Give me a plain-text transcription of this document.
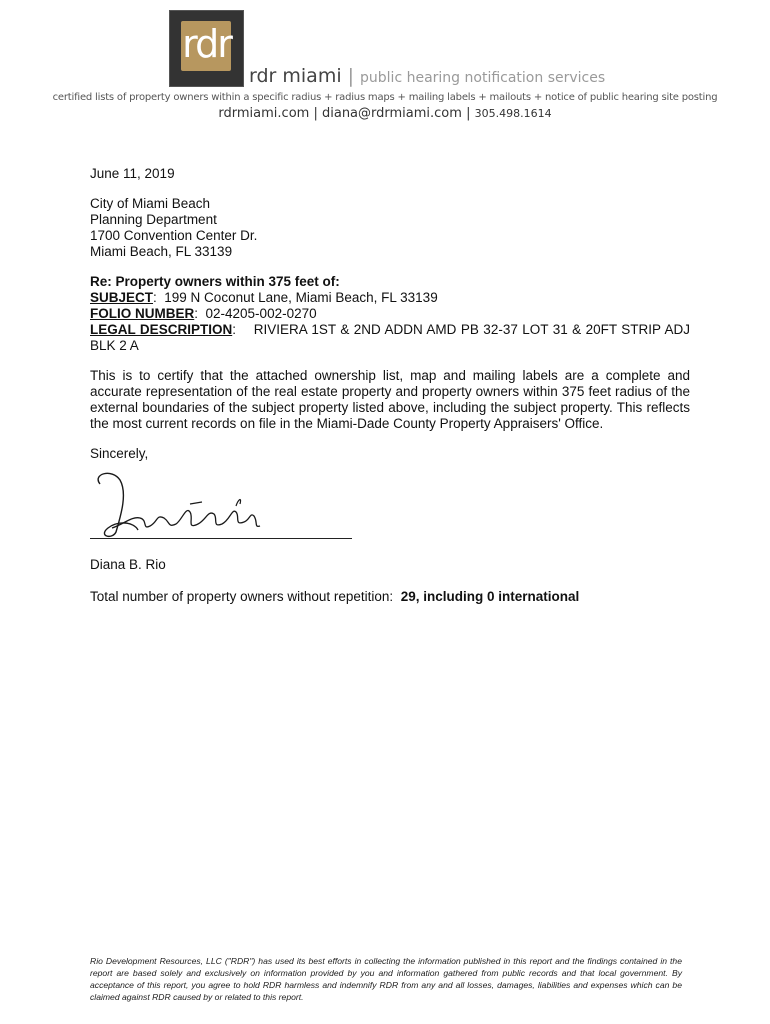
rdr
rdr miami | public hearing notification services
certified lists of property owners within a specific radius + radius maps + mailing labels + mailouts + notice of public hearing site posting
rdrmiami.com | diana@rdrmiami.com | 305.498.1614
June 11, 2019
City of Miami Beach
Planning Department
1700 Convention Center Dr.
Miami Beach, FL 33139
Re: Property owners within 375 feet of:
SUBJECT:  199 N Coconut Lane, Miami Beach, FL 33139
FOLIO NUMBER:  02-4205-002-0270
LEGAL DESCRIPTION:    RIVIERA 1ST & 2ND ADDN AMD PB 32-37 LOT 31 & 20FT STRIP ADJ BLK 2 A
This is to certify that the attached ownership list, map and mailing labels are a complete and accurate representation of the real estate property and property owners within 375 feet radius of the external boundaries of the subject property listed above, including the subject property. This reflects the most current records on file in the Miami-Dade County Property Appraisers' Office.
Sincerely,
Diana B. Rio
Total number of property owners without repetition: 29, including 0 international
Rio Development Resources, LLC ("RDR") has used its best efforts in collecting the information published in this report and the findings contained in the report are based solely and exclusively on information provided by you and information gathered from public records and that local government. By acceptance of this report, you agree to hold RDR harmless and indemnify RDR from any and all losses, damages, liabilities and expenses which can be claimed against RDR caused by or related to this report.
